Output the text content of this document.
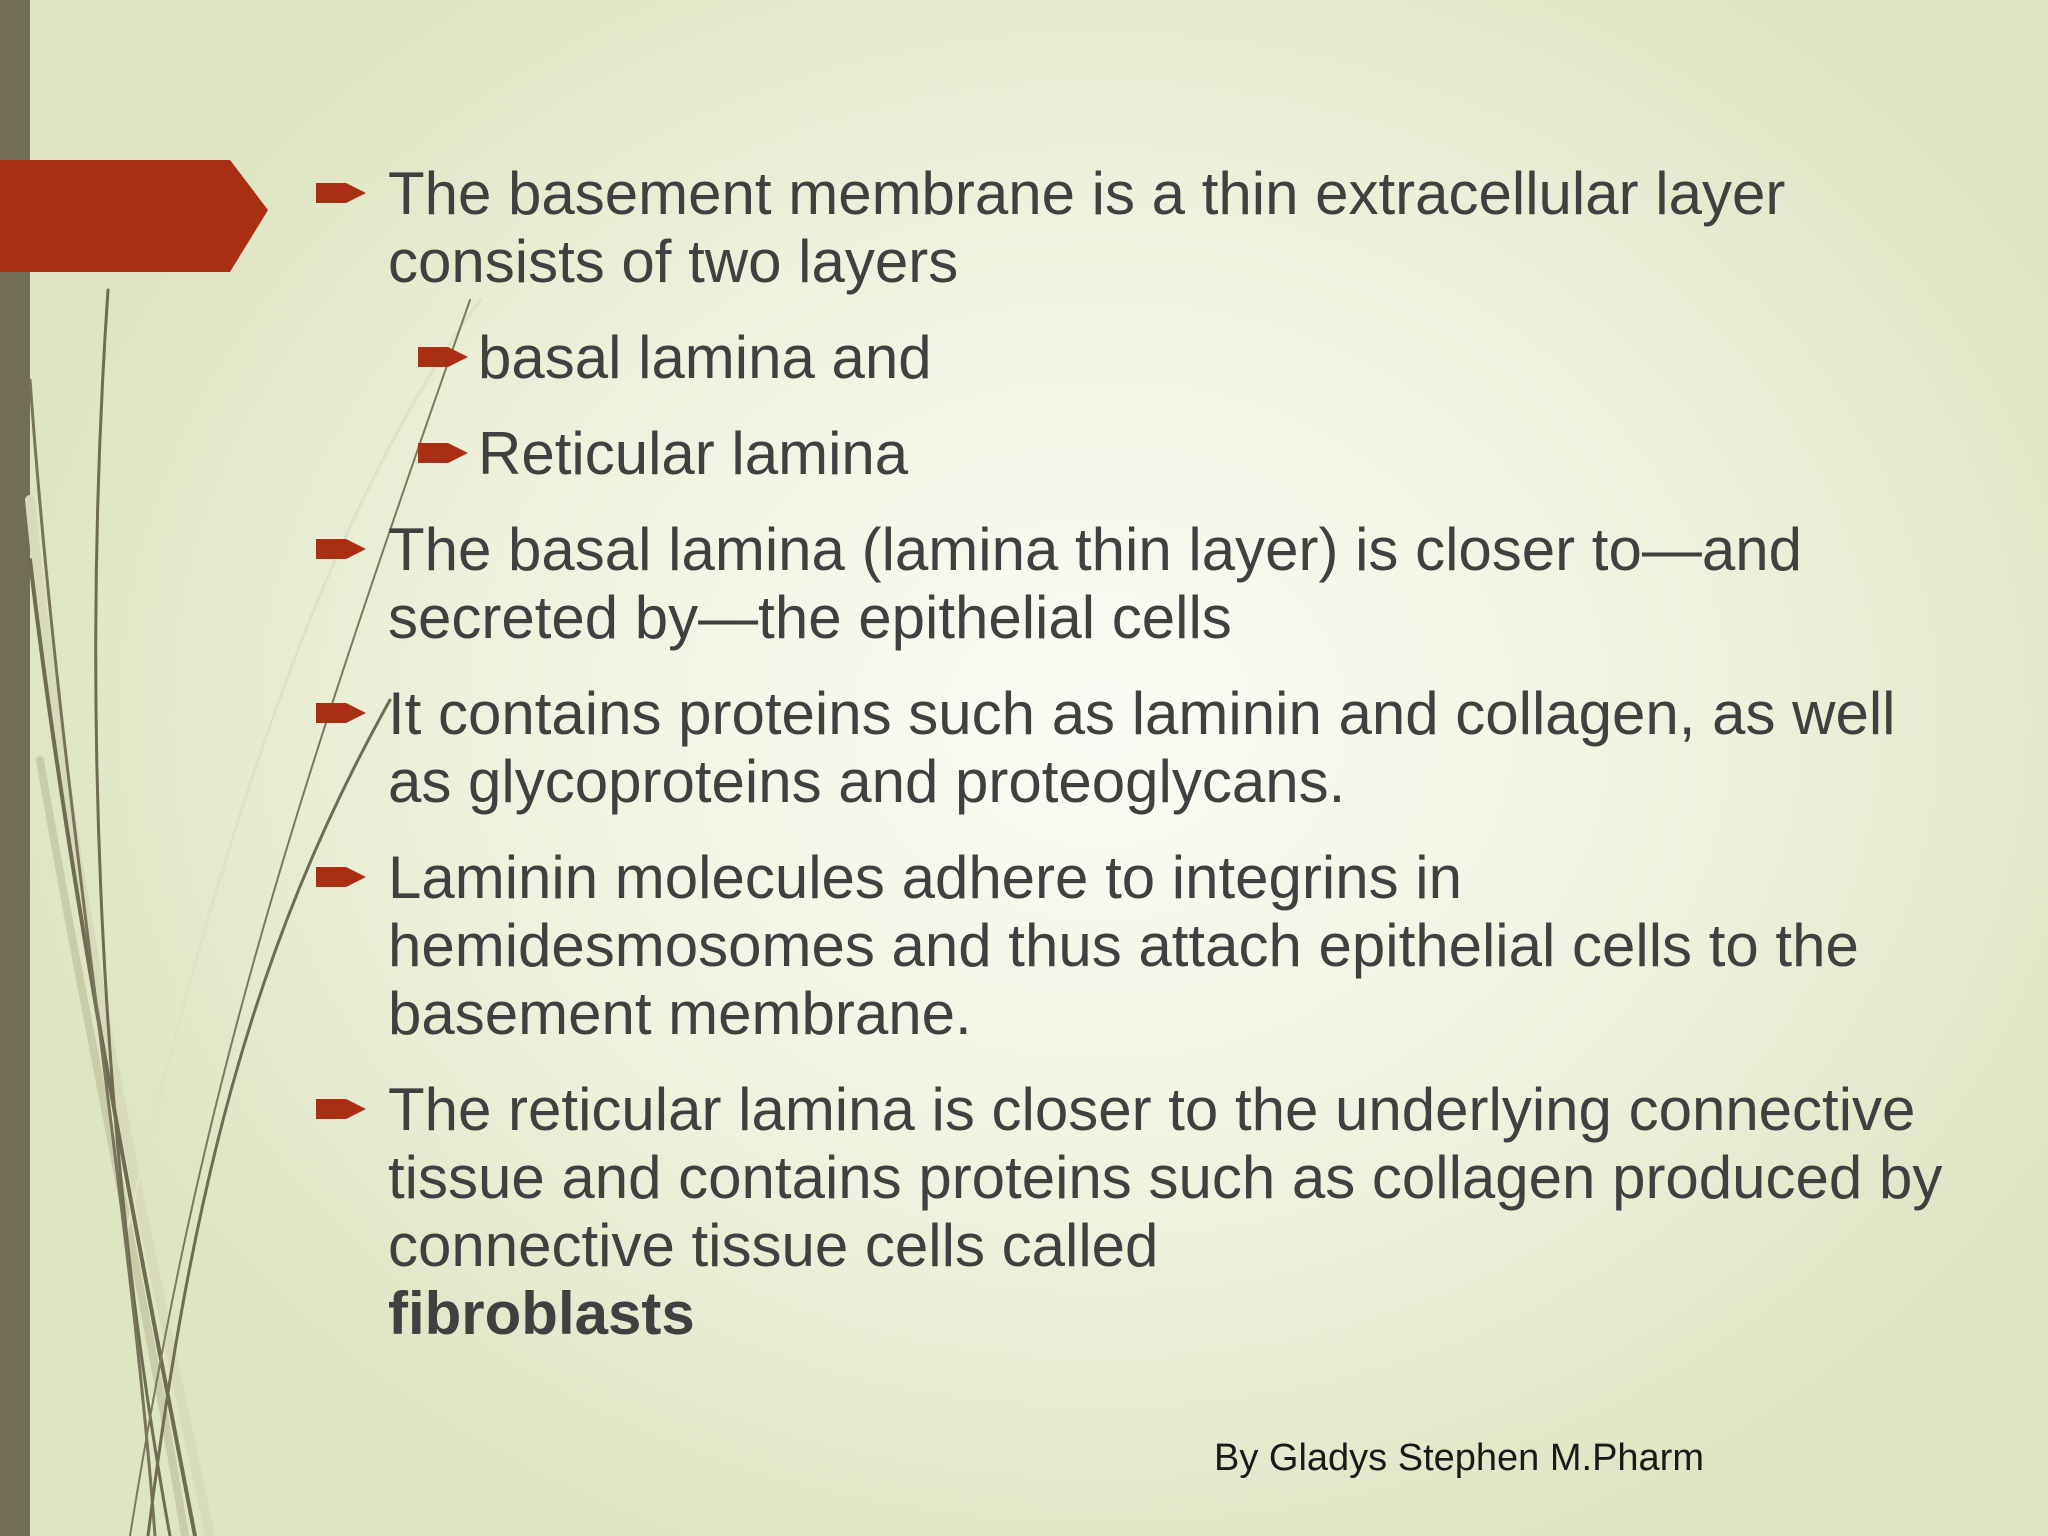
The basement membrane is a thin extracellular layer consists of two layers
basal lamina and
Reticular lamina
The basal lamina (lamina thin layer) is closer to—and secreted by—the epithelial cells
It contains proteins such as laminin and collagen, as well as glycoproteins and proteoglycans.
Laminin molecules adhere to integrins in hemidesmosomes and thus attach epithelial cells to the basement membrane.
The reticular lamina is closer to the underlying connective tissue and contains proteins such as collagen produced by connective tissue cells called
fibroblasts
By Gladys Stephen M.Pharm
